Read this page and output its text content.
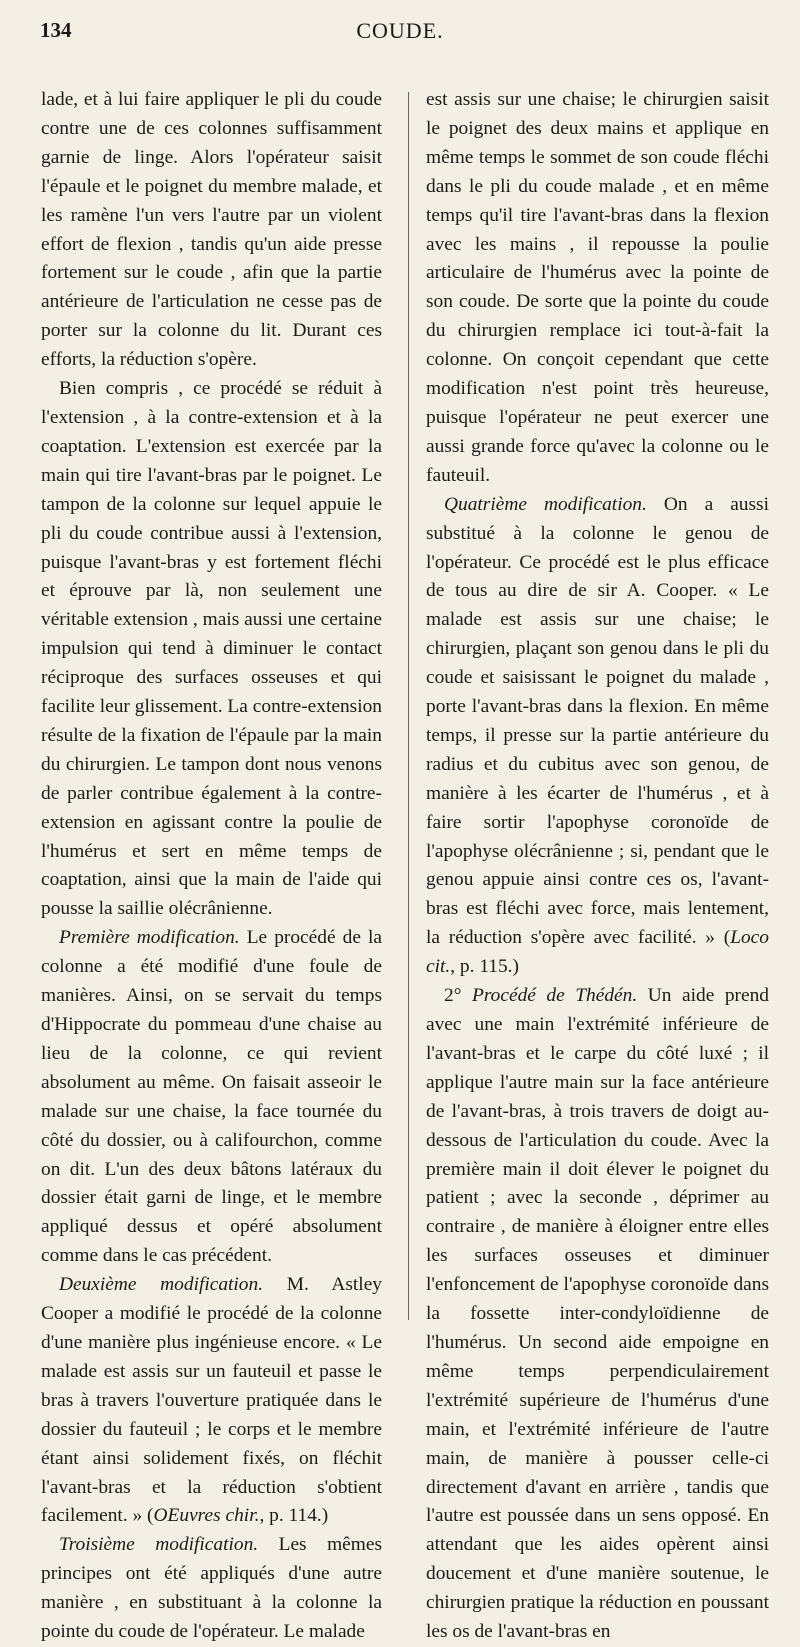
134	COUDE.

lade, et à lui faire appliquer le pli du coude contre une de ces colonnes suffisamment garnie de linge. Alors l'opérateur saisit l'épaule et le poignet du membre malade, et les ramène l'un vers l'autre par un violent effort de flexion , tandis qu'un aide presse fortement sur le coude , afin que la partie antérieure de l'articulation ne cesse pas de porter sur la colonne du lit. Durant ces efforts, la réduction s'opère.

Bien compris , ce procédé se réduit à l'extension , à la contre-extension et à la coaptation. L'extension est exercée par la main qui tire l'avant-bras par le poignet. Le tampon de la colonne sur lequel appuie le pli du coude contribue aussi à l'extension, puisque l'avant-bras y est fortement fléchi et éprouve par là, non seulement une véritable extension , mais aussi une certaine impulsion qui tend à diminuer le contact réciproque des surfaces osseuses et qui facilite leur glissement. La contre-extension résulte de la fixation de l'épaule par la main du chirurgien. Le tampon dont nous venons de parler contribue également à la contre-extension en agissant contre la poulie de l'humérus et sert en même temps de coaptation, ainsi que la main de l'aide qui pousse la saillie olécrânienne.

Première modification. Le procédé de la colonne a été modifié d'une foule de manières. Ainsi, on se servait du temps d'Hippocrate du pommeau d'une chaise au lieu de la colonne, ce qui revient absolument au même. On faisait asseoir le malade sur une chaise, la face tournée du côté du dossier, ou à califourchon, comme on dit. L'un des deux bâtons latéraux du dossier était garni de linge, et le membre appliqué dessus et opéré absolument comme dans le cas précédent.

Deuxième modification. M. Astley Cooper a modifié le procédé de la colonne d'une manière plus ingénieuse encore. « Le malade est assis sur un fauteuil et passe le bras à travers l'ouverture pratiquée dans le dossier du fauteuil ; le corps et le membre étant ainsi solidement fixés, on fléchit l'avant-bras et la réduction s'obtient facilement. » (OEuvres chir., p. 114.)

Troisième modification. Les mêmes principes ont été appliqués d'une autre manière , en substituant à la colonne la pointe du coude de l'opérateur. Le malade

est assis sur une chaise; le chirurgien saisit le poignet des deux mains et applique en même temps le sommet de son coude fléchi dans le pli du coude malade , et en même temps qu'il tire l'avant-bras dans la flexion avec les mains , il repousse la poulie articulaire de l'humérus avec la pointe de son coude. De sorte que la pointe du coude du chirurgien remplace ici tout-à-fait la colonne. On conçoit cependant que cette modification n'est point très heureuse, puisque l'opérateur ne peut exercer une aussi grande force qu'avec la colonne ou le fauteuil.

Quatrième modification. On a aussi substitué à la colonne le genou de l'opérateur. Ce procédé est le plus efficace de tous au dire de sir A. Cooper. « Le malade est assis sur une chaise; le chirurgien, plaçant son genou dans le pli du coude et saisissant le poignet du malade , porte l'avant-bras dans la flexion. En même temps, il presse sur la partie antérieure du radius et du cubitus avec son genou, de manière à les écarter de l'humérus , et à faire sortir l'apophyse coronoïde de l'apophyse olécrânienne ; si, pendant que le genou appuie ainsi contre ces os, l'avant-bras est fléchi avec force, mais lentement, la réduction s'opère avec facilité. » (Loco cit., p. 115.)

2° Procédé de Thédén. Un aide prend avec une main l'extrémité inférieure de l'avant-bras et le carpe du côté luxé ; il applique l'autre main sur la face antérieure de l'avant-bras, à trois travers de doigt au-dessous de l'articulation du coude. Avec la première main il doit élever le poignet du patient ; avec la seconde , déprimer au contraire , de manière à éloigner entre elles les surfaces osseuses et diminuer l'enfoncement de l'apophyse coronoïde dans la fossette inter-condyloïdienne de l'humérus. Un second aide empoigne en même temps perpendiculairement l'extrémité supérieure de l'humérus d'une main, et l'extrémité inférieure de l'autre main, de manière à pousser celle-ci directement d'avant en arrière , tandis que l'autre est poussée dans un sens opposé. En attendant que les aides opèrent ainsi doucement et d'une manière soutenue, le chirurgien pratique la réduction en poussant les os de l'avant-bras en
